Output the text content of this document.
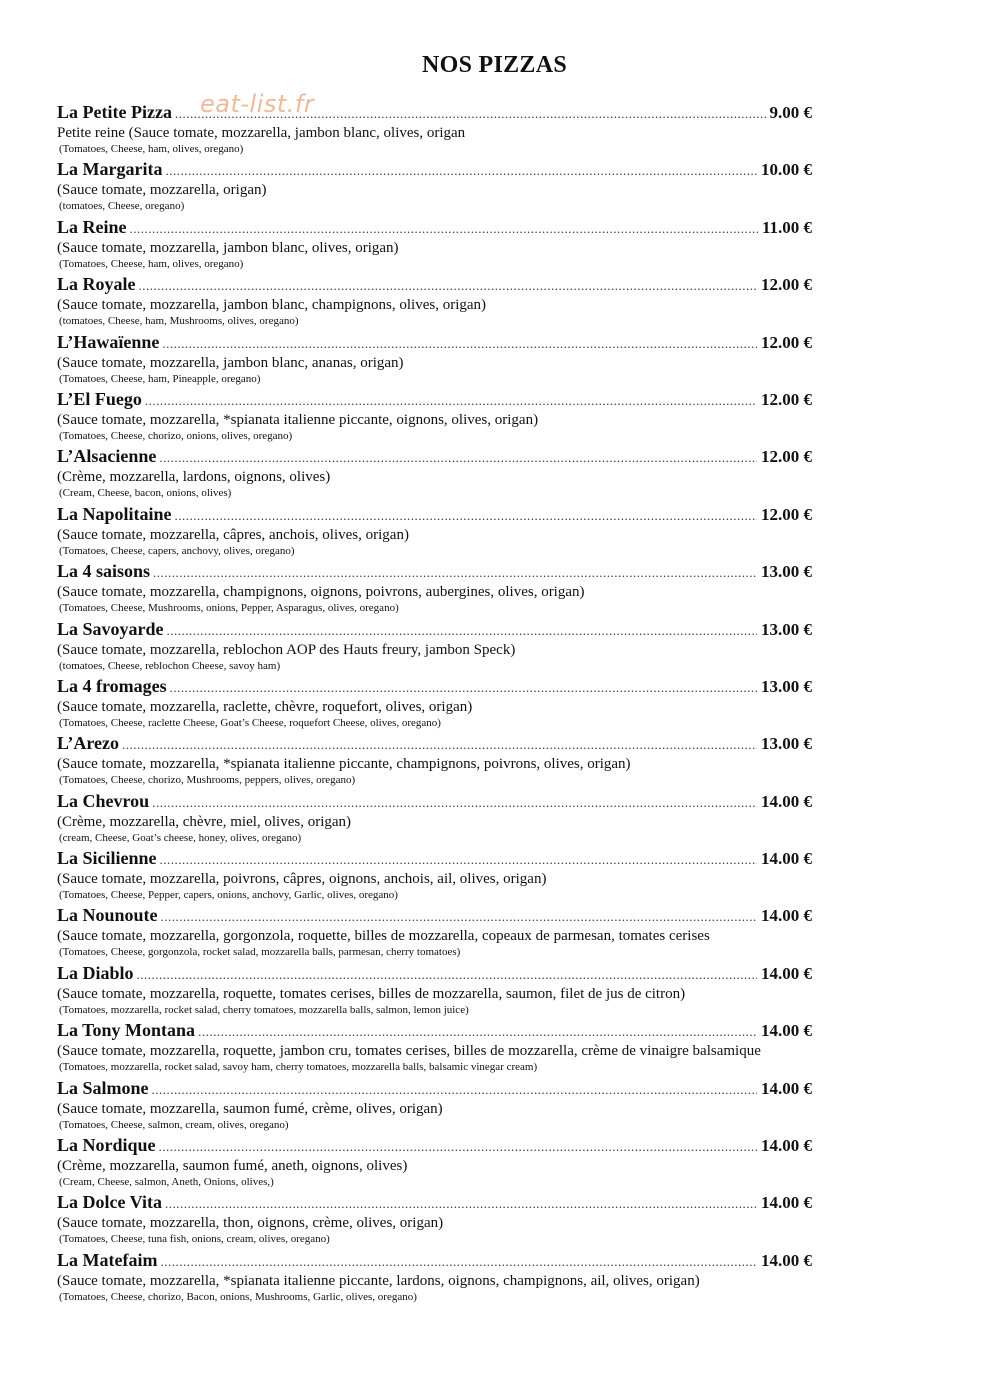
NOS PIZZAS
eat-list.fr
La Petite Pizza .....	9.00 €
Petite reine (Sauce tomate, mozzarella, jambon blanc, olives, origan
(Tomatoes, Cheese, ham, olives, oregano)
La Margarita .....	10.00 €
(Sauce tomate, mozzarella, origan)
(tomatoes, Cheese, oregano)
La Reine .....	11.00 €
(Sauce tomate, mozzarella, jambon blanc, olives, origan)
(Tomatoes, Cheese, ham, olives, oregano)
La Royale .....	12.00 €
(Sauce tomate, mozzarella, jambon blanc, champignons, olives, origan)
(tomatoes, Cheese, ham, Mushrooms, olives, oregano)
L’Hawaïenne .....	12.00 €
(Sauce tomate, mozzarella, jambon blanc, ananas, origan)
(Tomatoes, Cheese, ham, Pineapple, oregano)
L’El Fuego .....	12.00 €
(Sauce tomate, mozzarella, *spianata italienne piccante, oignons, olives, origan)
(Tomatoes, Cheese, chorizo, onions, olives, oregano)
L’Alsacienne .....	12.00 €
(Crème, mozzarella, lardons, oignons, olives)
(Cream, Cheese, bacon, onions, olives)
La Napolitaine .....	12.00 €
(Sauce tomate, mozzarella, câpres, anchois, olives, origan)
(Tomatoes, Cheese, capers, anchovy, olives, oregano)
La 4 saisons .....	13.00 €
(Sauce tomate, mozzarella, champignons, oignons, poivrons, aubergines, olives, origan)
(Tomatoes, Cheese, Mushrooms, onions, Pepper, Asparagus, olives, oregano)
La Savoyarde .....	13.00 €
(Sauce tomate, mozzarella, reblochon AOP des Hauts freury, jambon Speck)
(tomatoes, Cheese, reblochon Cheese, savoy ham)
La 4 fromages .....	13.00 €
(Sauce tomate, mozzarella, raclette, chèvre, roquefort, olives, origan)
(Tomatoes, Cheese, raclette Cheese, Goat’s Cheese, roquefort Cheese, olives, oregano)
L’Arezo .....	13.00 €
(Sauce tomate, mozzarella, *spianata italienne piccante, champignons, poivrons, olives, origan)
(Tomatoes, Cheese, chorizo, Mushrooms, peppers, olives, oregano)
La Chevrou .....	14.00 €
(Crème, mozzarella, chèvre, miel, olives, origan)
(cream, Cheese, Goat’s cheese, honey, olives, oregano)
La Sicilienne .....	14.00 €
(Sauce tomate, mozzarella, poivrons, câpres, oignons, anchois, ail, olives, origan)
(Tomatoes, Cheese, Pepper, capers, onions, anchovy, Garlic, olives, oregano)
La Nounoute .....	14.00 €
(Sauce tomate, mozzarella, gorgonzola, roquette, billes de mozzarella, copeaux de parmesan, tomates cerises
(Tomatoes, Cheese, gorgonzola, rocket salad, mozzarella balls, parmesan, cherry tomatoes)
La Diablo .....	14.00 €
(Sauce tomate, mozzarella, roquette, tomates cerises, billes de mozzarella, saumon, filet de jus de citron)
(Tomatoes, mozzarella, rocket salad, cherry tomatoes, mozzarella balls, salmon, lemon juice)
La Tony Montana .....	14.00 €
(Sauce tomate, mozzarella, roquette, jambon cru, tomates cerises, billes de mozzarella, crème de vinaigre balsamique
(Tomatoes, mozzarella, rocket salad, savoy ham, cherry tomatoes, mozzarella balls, balsamic vinegar cream)
La Salmone .....	14.00 €
(Sauce tomate, mozzarella, saumon fumé, crème, olives, origan)
(Tomatoes, Cheese, salmon, cream, olives, oregano)
La Nordique .....	14.00 €
(Crème, mozzarella, saumon fumé, aneth, oignons, olives)
(Cream, Cheese, salmon, Aneth, Onions, olives,)
La Dolce Vita .....	14.00 €
(Sauce tomate, mozzarella, thon, oignons, crème, olives, origan)
(Tomatoes, Cheese, tuna fish, onions, cream, olives, oregano)
La Matefaim .....	14.00 €
(Sauce tomate, mozzarella, *spianata italienne piccante, lardons, oignons, champignons, ail, olives, origan)
(Tomatoes, Cheese, chorizo, Bacon, onions, Mushrooms, Garlic, olives, oregano)
